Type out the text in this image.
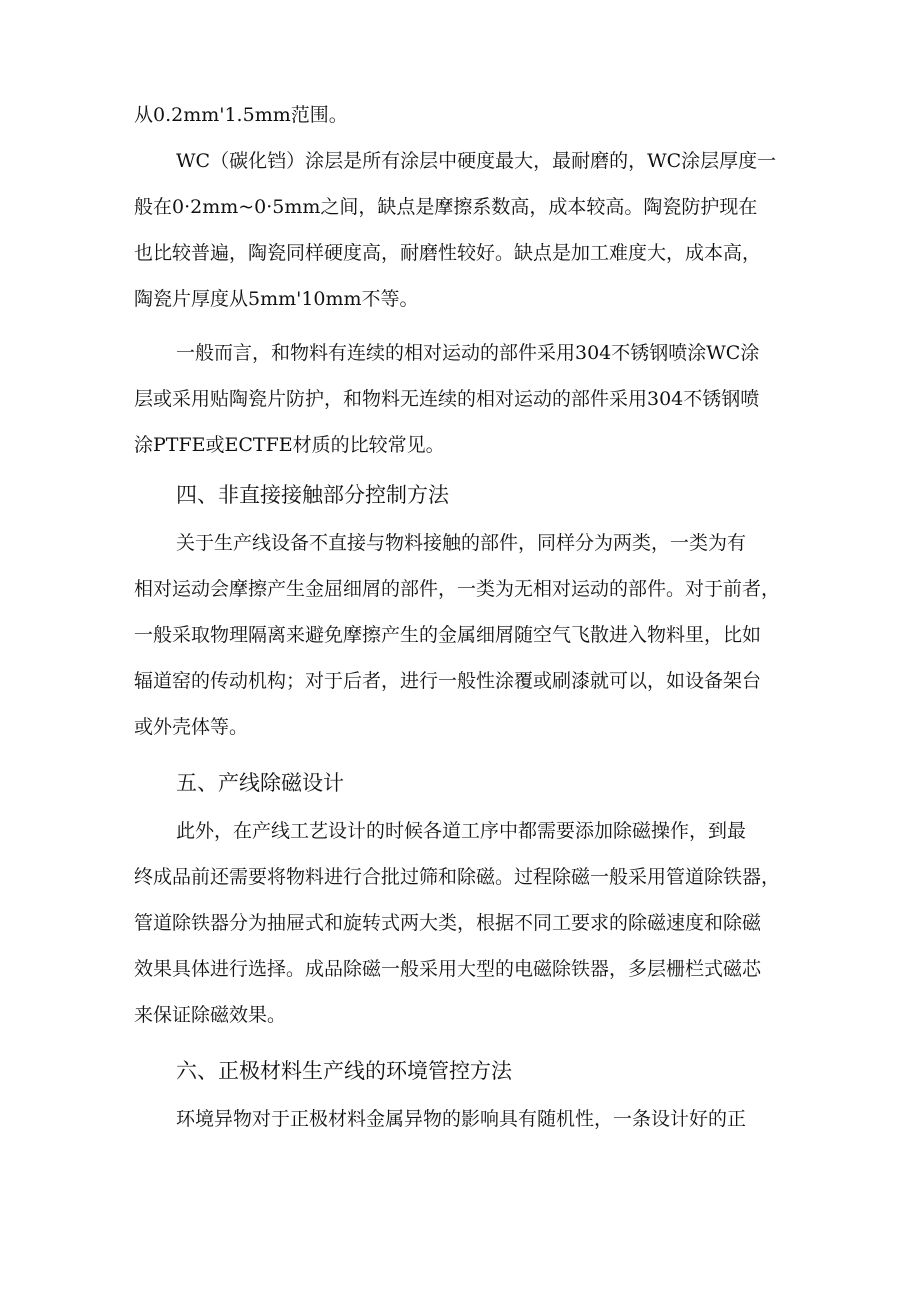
从0.2mm'1.5mm范围。
WC（碳化铛）涂层是所有涂层中硬度最大，最耐磨的，WC涂层厚度一
般在0·2mm~0·5mm之间，缺点是摩擦系数高，成本较高。陶瓷防护现在
也比较普遍，陶瓷同样硬度高，耐磨性较好。缺点是加工难度大，成本高，
陶瓷片厚度从5mm'10mm不等。
一般而言，和物料有连续的相对运动的部件采用304不锈钢喷涂WC涂
层或采用贴陶瓷片防护，和物料无连续的相对运动的部件采用304不锈钢喷
涂PTFE或ECTFE材质的比较常见。
四、非直接接触部分控制方法
关于生产线设备不直接与物料接触的部件，同样分为两类，一类为有
相对运动会摩擦产生金屈细屑的部件，一类为无相对运动的部件。对于前者，
一般采取物理隔离来避免摩擦产生的金属细屑随空气飞散进入物料里，比如
辐道窑的传动机构；对于后者，进行一般性涂覆或刷漆就可以，如设备架台
或外壳体等。
五、产线除磁设计
此外，在产线工艺设计的时候各道工序中都需要添加除磁操作，到最
终成品前还需要将物料进行合批过筛和除磁。过程除磁一般采用管道除铁器，
管道除铁器分为抽屉式和旋转式两大类，根据不同工要求的除磁速度和除磁
效果具体进行选择。成品除磁一般采用大型的电磁除铁器，多层栅栏式磁芯
来保证除磁效果。
六、正极材料生产线的环境管控方法
环境异物对于正极材料金属异物的影响具有随机性，一条设计好的正
